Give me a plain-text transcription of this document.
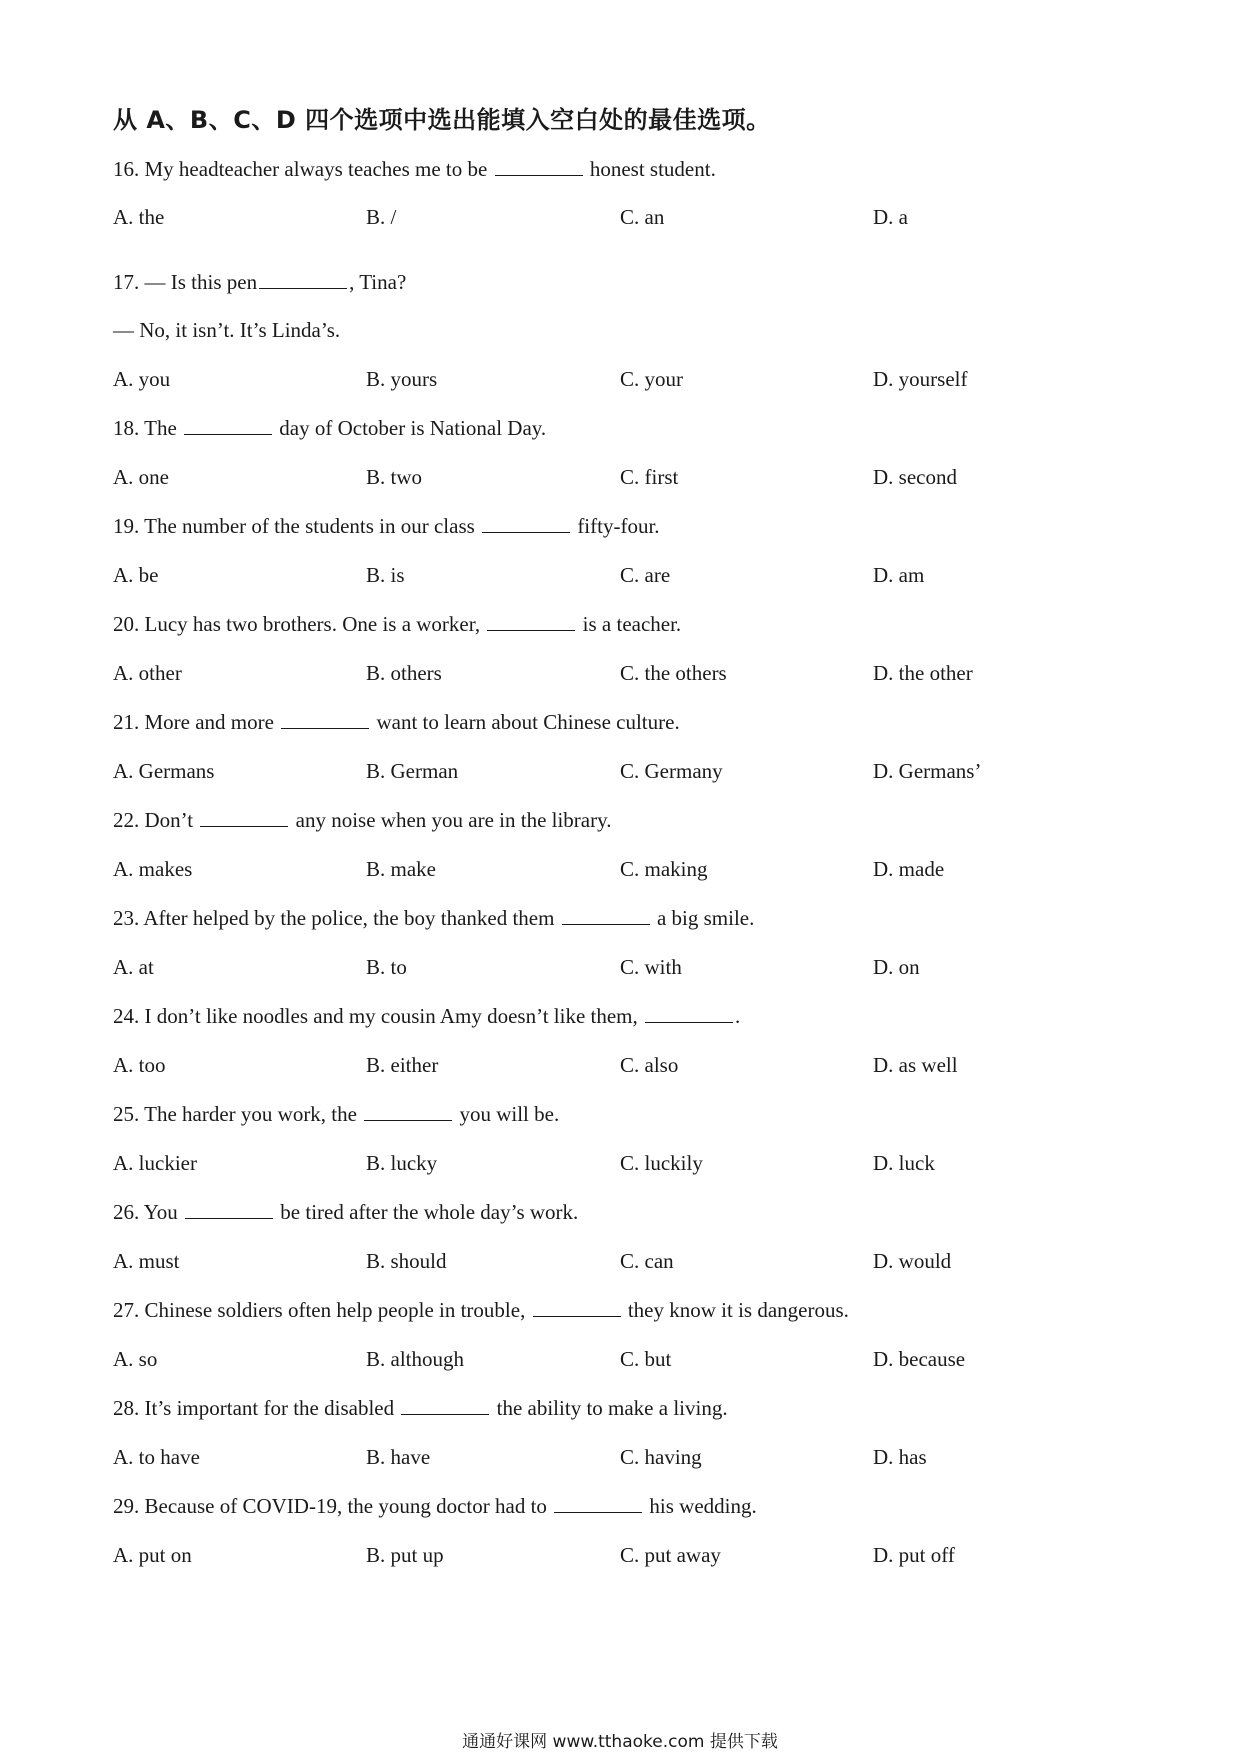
从 A、B、C、D 四个选项中选出能填入空白处的最佳选项。
16. My headteacher always teaches me to be	honest student.
A. the	B. /	C. an	D. a
17. — Is this pen	, Tina?
— No, it isn’t. It’s Linda’s.
A. you	B. yours	C. your	D. yourself
18. The	day of October is National Day.
A. one	B. two	C. first	D. second
19. The number of the students in our class	fifty-four.
A. be	B. is	C. are	D. am
20. Lucy has two brothers. One is a worker,	is a teacher.
A. other	B. others	C. the others	D. the other
21. More and more	want to learn about Chinese culture.
A. Germans	B. German	C. Germany	D. Germans’
22. Don’t	any noise when you are in the library.
A. makes	B. make	C. making	D. made
23. After helped by the police, the boy thanked them	a big smile.
A. at	B. to	C. with	D. on
24. I don’t like noodles and my cousin Amy doesn’t like them,	.
A. too	B. either	C. also	D. as well
25. The harder you work, the	you will be.
A. luckier	B. lucky	C. luckily	D. luck
26. You	be tired after the whole day’s work.
A. must	B. should	C. can	D. would
27. Chinese soldiers often help people in trouble,	they know it is dangerous.
A. so	B. although	C. but	D. because
28. It’s important for the disabled	the ability to make a living.
A. to have	B. have	C. having	D. has
29. Because of COVID-19, the young doctor had to	his wedding.
A. put on	B. put up	C. put away	D. put off
通通好课网 www.tthaoke.com 提供下载
